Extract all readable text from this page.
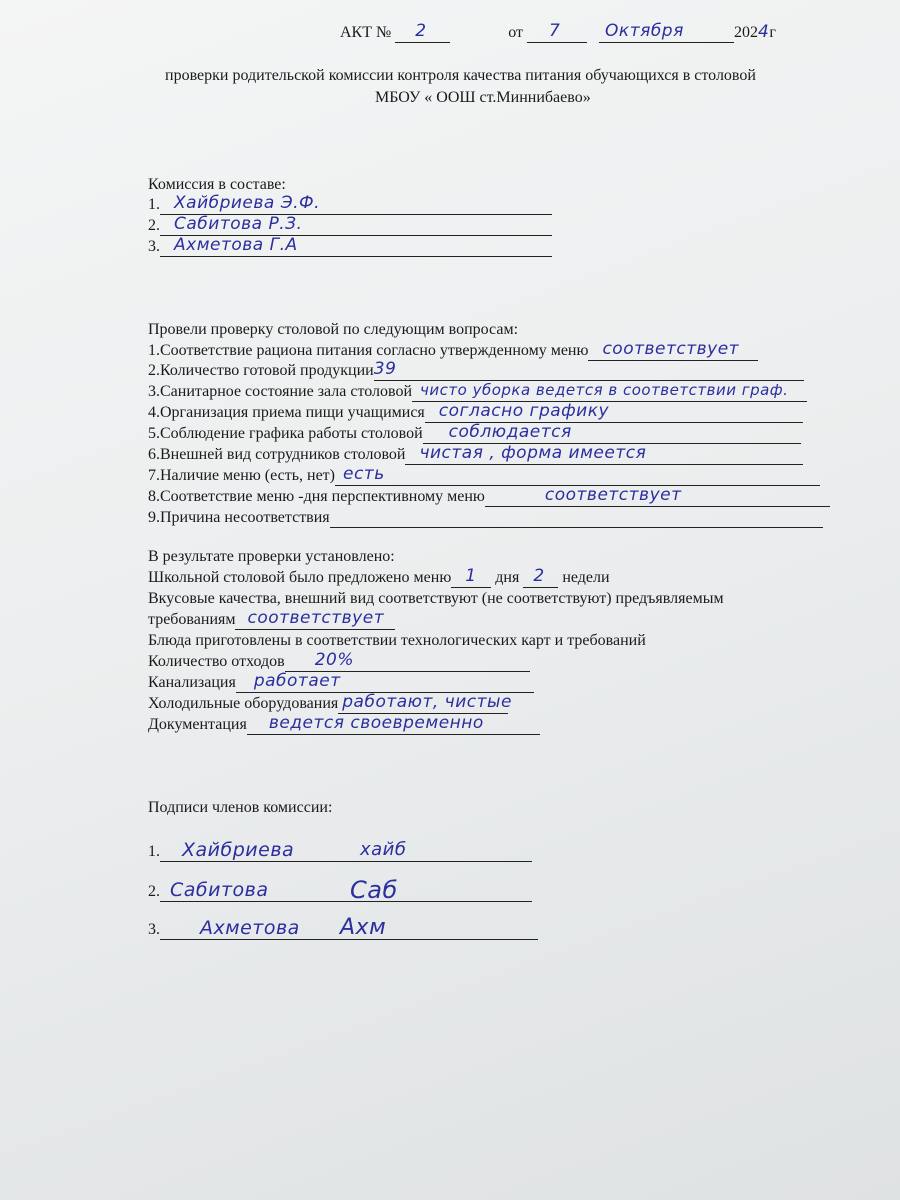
АКТ № 2	от 7
	Октября	2024г
проверки родительской комиссии контроля качества питания обучающихся в столовой
МБОУ « ООШ ст.Миннибаево»
Комиссия в составе:
1. Хайбриева Э.Ф.
2. Сабитова Р.З.
3. Ахметова Г.А
Провели проверку столовой по следующим вопросам:
1.Соответствие рациона питания согласно утвержденному меню соответствует
2.Количество готовой продукции 39
3.Санитарное состояние зала столовой чисто уборка ведется в соответствии граф.
4.Организация приема пищи учащимися согласно графику
5.Соблюдение графика работы столовой соблюдается
6.Внешней вид сотрудников столовой чистая , форма имеется
7.Наличие меню (есть, нет) есть
8.Соответствие меню -дня перспективному меню	соответствует
9.Причина несоответствия
В результате проверки установлено:
Школьной столовой было предложено меню 1 дня 2 недели
Вкусовые качества, внешний вид соответствуют (не соответствуют) предъявляемым
требованиям соответствует
Блюда приготовлены в соответствии технологических карт и требований
Количество отходов 20%
Канализация работает
Холодильные оборудования работают, чистые
Документация ведется своевременно
Подписи членов комиссии:
1. Хайбриева	хайб
2. Сабитова	Саб
3. Ахметова Ахм
